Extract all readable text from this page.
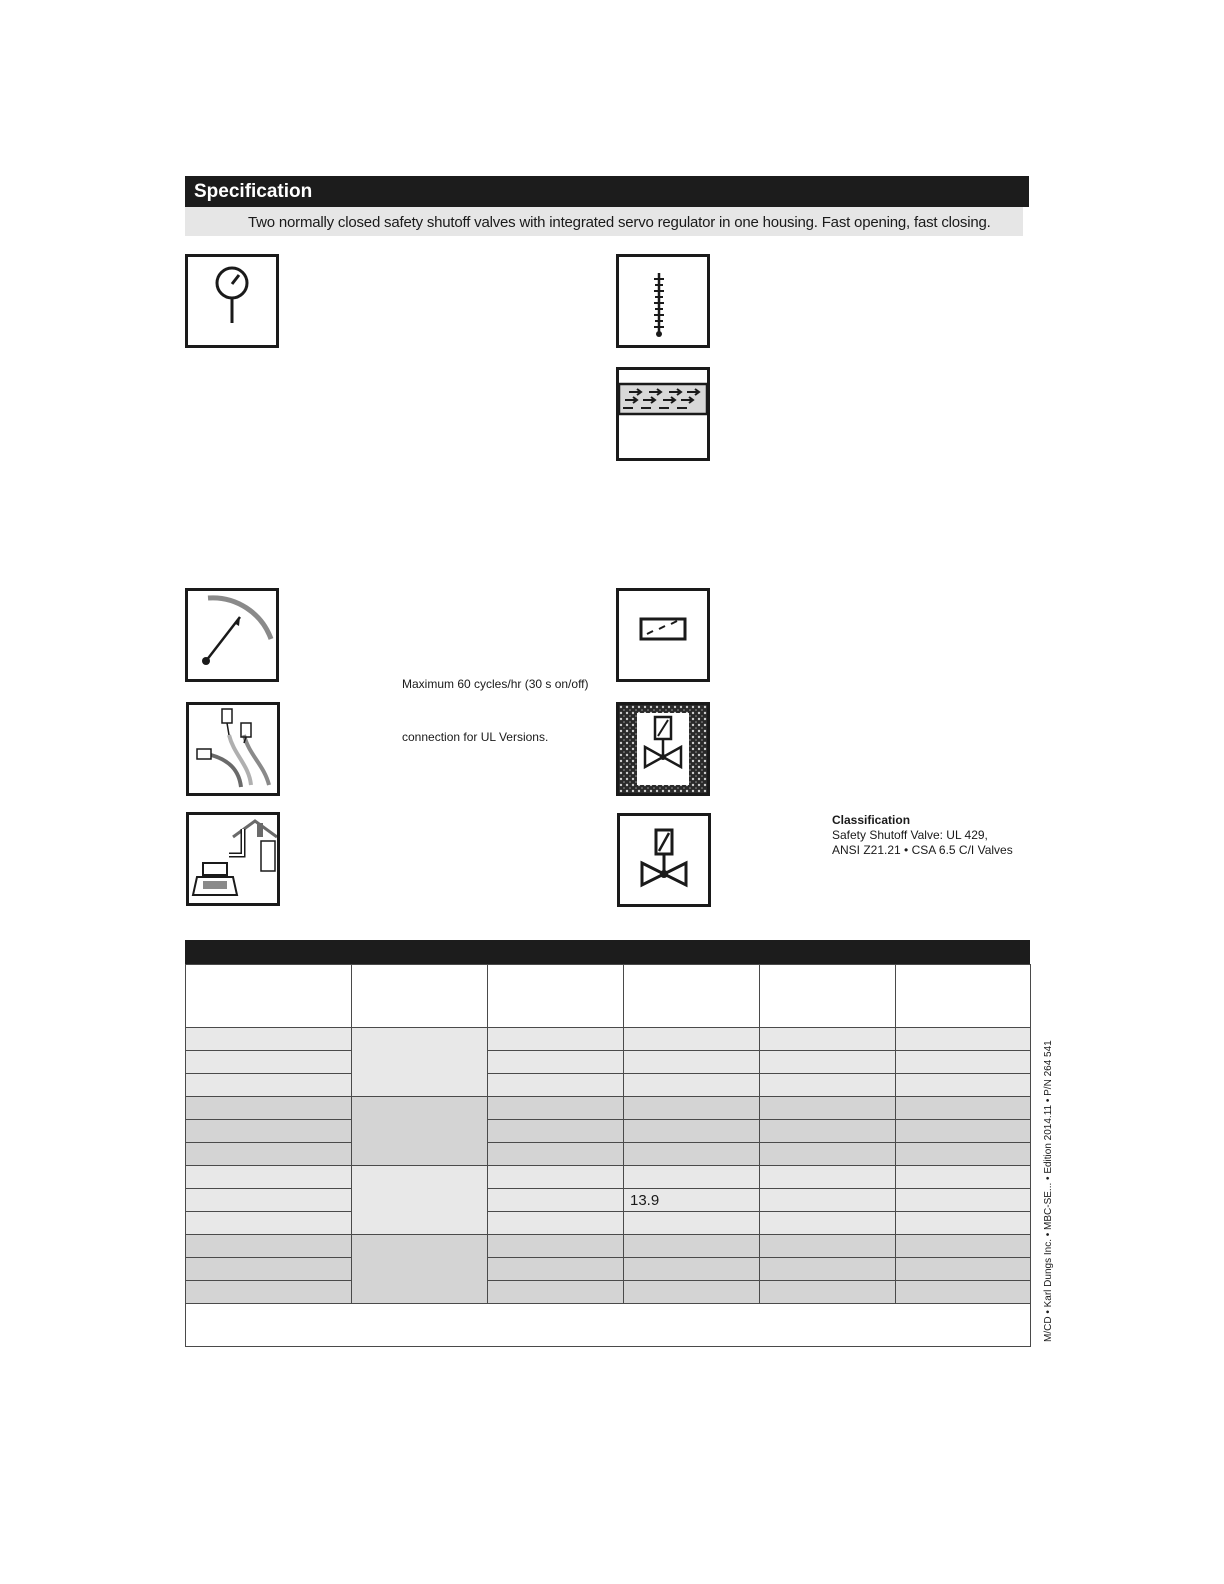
Specification
Two normally closed safety shutoff valves with integrated servo regulator in one housing. Fast opening, fast closing.
Maximum 60 cycles/hr (30 s on/off)
connection for UL Versions.
Classification
Safety Shutoff Valve: UL 429,
ANSI Z21.21 • CSA 6.5 C/I Valves

			13.9		

					M/CD • Karl Dungs Inc. • MBC-SE... • Edition 2014.11 • P/N 264 541
